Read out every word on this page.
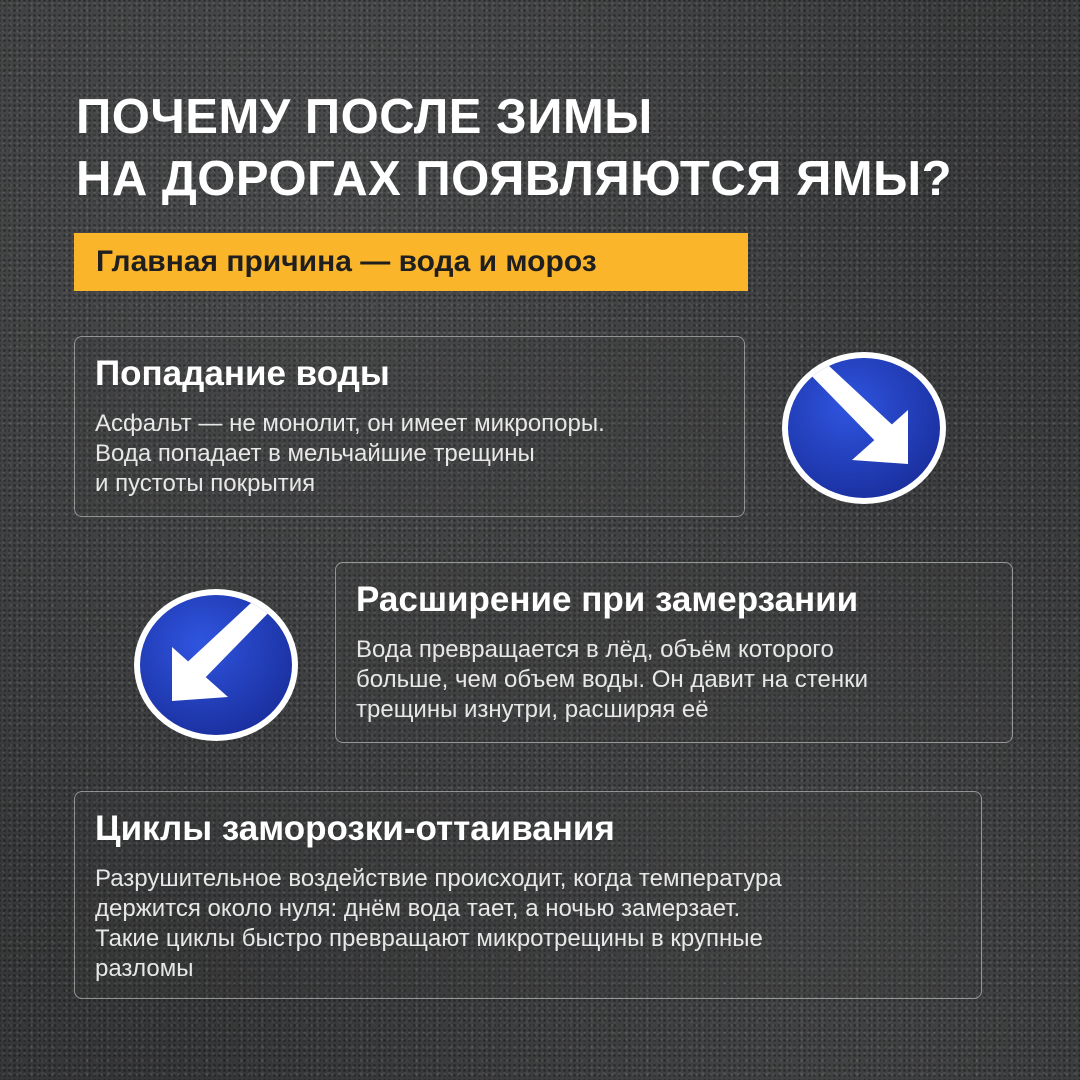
ПОЧЕМУ ПОСЛЕ ЗИМЫ
НА ДОРОГАХ ПОЯВЛЯЮТСЯ ЯМЫ?
Главная причина — вода и мороз
Попадание воды

Асфальт — не монолит, он имеет микропоры.
Вода попадает в мельчайшие трещины
и пустоты покрытия

Расширение при замерзании

Вода превращается в лёд, объём которого
больше, чем объем воды. Он давит на стенки
трещины изнутри, расширяя её

Циклы заморозки-оттаивания

Разрушительное воздействие происходит, когда температура
держится около нуля: днём вода тает, а ночью замерзает.
Такие циклы быстро превращают микротрещины в крупные
разломы
